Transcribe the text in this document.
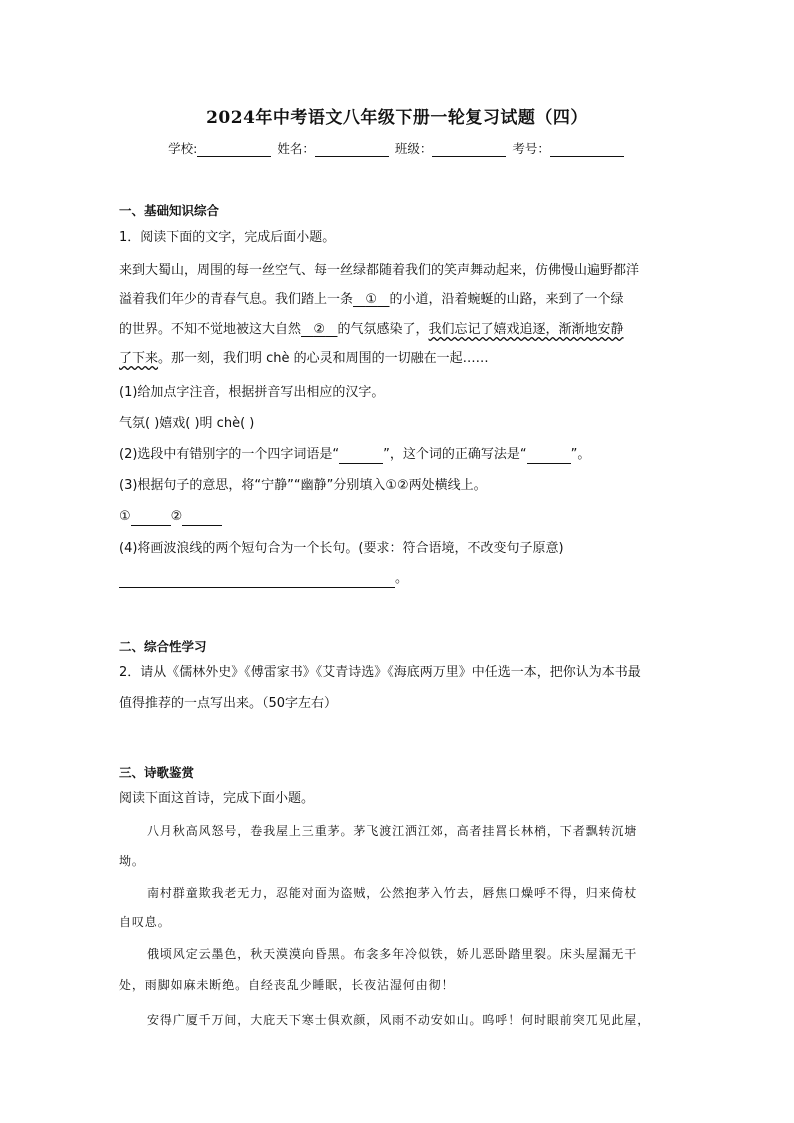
2024年中考语文八年级下册一轮复习试题（四）
学校:	姓名：	班级：	考号：
一、基础知识综合
1．阅读下面的文字，完成后面小题。
来到大蜀山，周围的每一丝空气、每一丝绿都随着我们的笑声舞动起来，仿佛慢山遍野都洋
溢着我们年少的青春气息。我们踏上一条 ① 的小道，沿着蜿蜒的山路，来到了一个绿
的世界。不知不觉地被这大自然 ② 的气氛感染了，我们忘记了嬉戏追逐，渐渐地安静
了下来。那一刻，我们明 chè 的心灵和周围的一切融在一起……
(1)给加点字注音，根据拼音写出相应的汉字。
气氛( )嬉戏( )明 chè( )
(2)选段中有错别字的一个四字词语是“	”，这个词的正确写法是“	”。
(3)根据句子的意思，将“宁静”“幽静”分别填入①②两处横线上。
①	②
(4)将画波浪线的两个短句合为一个长句。(要求：符合语境，不改变句子原意)
。
二、综合性学习
2．请从《儒林外史》《傅雷家书》《艾青诗选》《海底两万里》中任选一本，把你认为本书最
值得推荐的一点写出来。（50字左右）
三、诗歌鉴赏
阅读下面这首诗，完成下面小题。
八月秋高风怒号，卷我屋上三重茅。茅飞渡江洒江郊，高者挂罥长林梢，下者飘转沉塘
坳。
南村群童欺我老无力，忍能对面为盗贼，公然抱茅入竹去，唇焦口燥呼不得，归来倚杖
自叹息。
俄顷风定云墨色，秋天漠漠向昏黑。布衾多年冷似铁，娇儿恶卧踏里裂。床头屋漏无干
处，雨脚如麻未断绝。自经丧乱少睡眠，长夜沾湿何由彻！
安得广厦千万间，大庇天下寒士俱欢颜，风雨不动安如山。呜呼！何时眼前突兀见此屋，
